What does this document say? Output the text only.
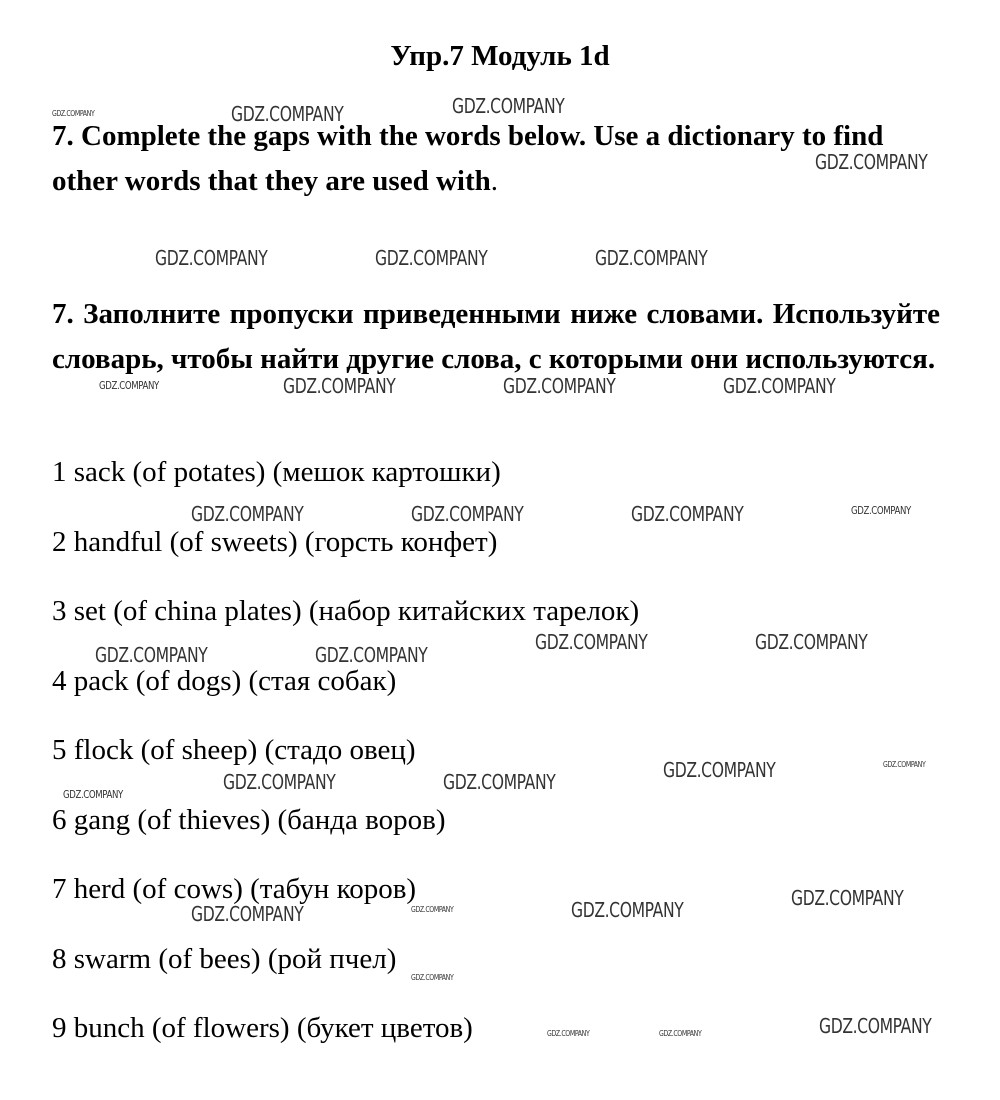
Упр.7 Модуль 1d
7. Complete the gaps with the words below. Use a dictionary to find other words that they are used with.
7. Заполните пропуски приведенными ниже словами. Используйте словарь, чтобы найти другие слова, с которыми они используются.
1 sack (of potates) (мешок картошки)
2 handful (of sweets) (горсть конфет)
3 set (of china plates) (набор китайских тарелок)
4 pack (of dogs) (стая собак)
5 flock (of sheep) (стадо овец)
6 gang (of thieves) (банда воров)
7 herd (of cows) (табун коров)
8 swarm (of bees) (рой пчел)
9 bunch (of flowers) (букет цветов)
GDZ.COMPANY	GDZ.COMPANY	GDZ.COMPANY
GDZ.COMPANY
GDZ.COMPANY	GDZ.COMPANY	GDZ.COMPANY
GDZ.COMPANY	GDZ.COMPANY	GDZ.COMPANY	GDZ.COMPANY
GDZ.COMPANY	GDZ.COMPANY	GDZ.COMPANY	GDZ.COMPANY
GDZ.COMPANY	GDZ.COMPANY
GDZ.COMPANY	GDZ.COMPANY
GDZ.COMPANY	GDZ.COMPANY
GDZ.COMPANY	GDZ.COMPANY
GDZ.COMPANY
GDZ.COMPANY
GDZ.COMPANY
GDZ.COMPANY	GDZ.COMPANY
GDZ.COMPANY
GDZ.COMPANY
GDZ.COMPANY	GDZ.COMPANY
